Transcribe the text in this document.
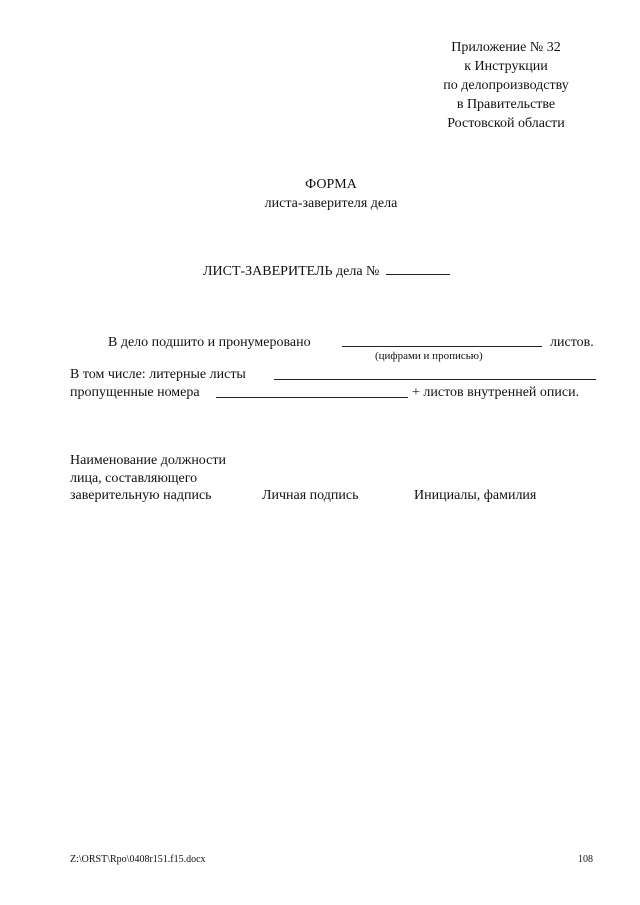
Приложение № 32
к Инструкции
по делопроизводству
в Правительстве
Ростовской области
ФОРМА
листа-заверителя дела
ЛИСТ-ЗАВЕРИТЕЛЬ дела №
В дело подшито и пронумеровано	листов.
(цифрами и прописью)
В том числе: литерные листы
пропущенные номера	+ листов внутренней описи.
Наименование должности
лица, составляющего
заверительную надпись	Личная подпись	Инициалы, фамилия
Z:\ORST\Rpo\0408r151.f15.docx	108
